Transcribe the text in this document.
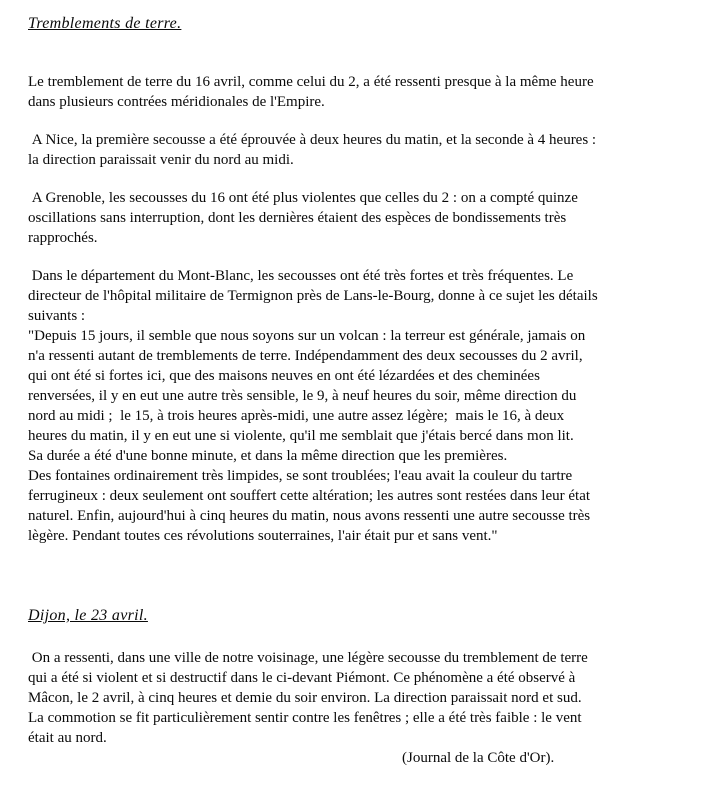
Tremblements de terre.

Le tremblement de terre du 16 avril, comme celui du 2, a été ressenti presque à la même heure
dans plusieurs contrées méridionales de l'Empire.

A Nice, la première secousse a été éprouvée à deux heures du matin, et la seconde à 4 heures :
la direction paraissait venir du nord au midi.

A Grenoble, les secousses du 16 ont été plus violentes que celles du 2 : on a compté quinze
oscillations sans interruption, dont les dernières étaient des espèces de bondissements très
rapprochés.

Dans le département du Mont-Blanc, les secousses ont été très fortes et très fréquentes. Le
directeur de l'hôpital militaire de Termignon près de Lans-le-Bourg, donne à ce sujet les détails
suivants :
"Depuis 15 jours, il semble que nous soyons sur un volcan : la terreur est générale, jamais on
n'a ressenti autant de tremblements de terre. Indépendamment des deux secousses du 2 avril,
qui ont été si fortes ici, que des maisons neuves en ont été lézardées et des cheminées
renversées, il y en eut une autre très sensible, le 9, à neuf heures du soir, même direction du
nord au midi ;  le 15, à trois heures après-midi, une autre assez légère;  mais le 16, à deux
heures du matin, il y en eut une si violente, qu'il me semblait que j'étais bercé dans mon lit.
Sa durée a été d'une bonne minute, et dans la même direction que les premières.
Des fontaines ordinairement très limpides, se sont troublées; l'eau avait la couleur du tartre
ferrugineux : deux seulement ont souffert cette altération; les autres sont restées dans leur état
naturel. Enfin, aujourd'hui à cinq heures du matin, nous avons ressenti une autre secousse très
lègère. Pendant toutes ces révolutions souterraines, l'air était pur et sans vent."

Dijon, le 23 avril.

On a ressenti, dans une ville de notre voisinage, une légère secousse du tremblement de terre
qui a été si violent et si destructif dans le ci-devant Piémont. Ce phénomène a été observé à
Mâcon, le 2 avril, à cinq heures et demie du soir environ. La direction paraissait nord et sud.
La commotion se fit particulièrement sentir contre les fenêtres ; elle a été très faible : le vent
était au nord.

(Journal de la Côte d'Or).
